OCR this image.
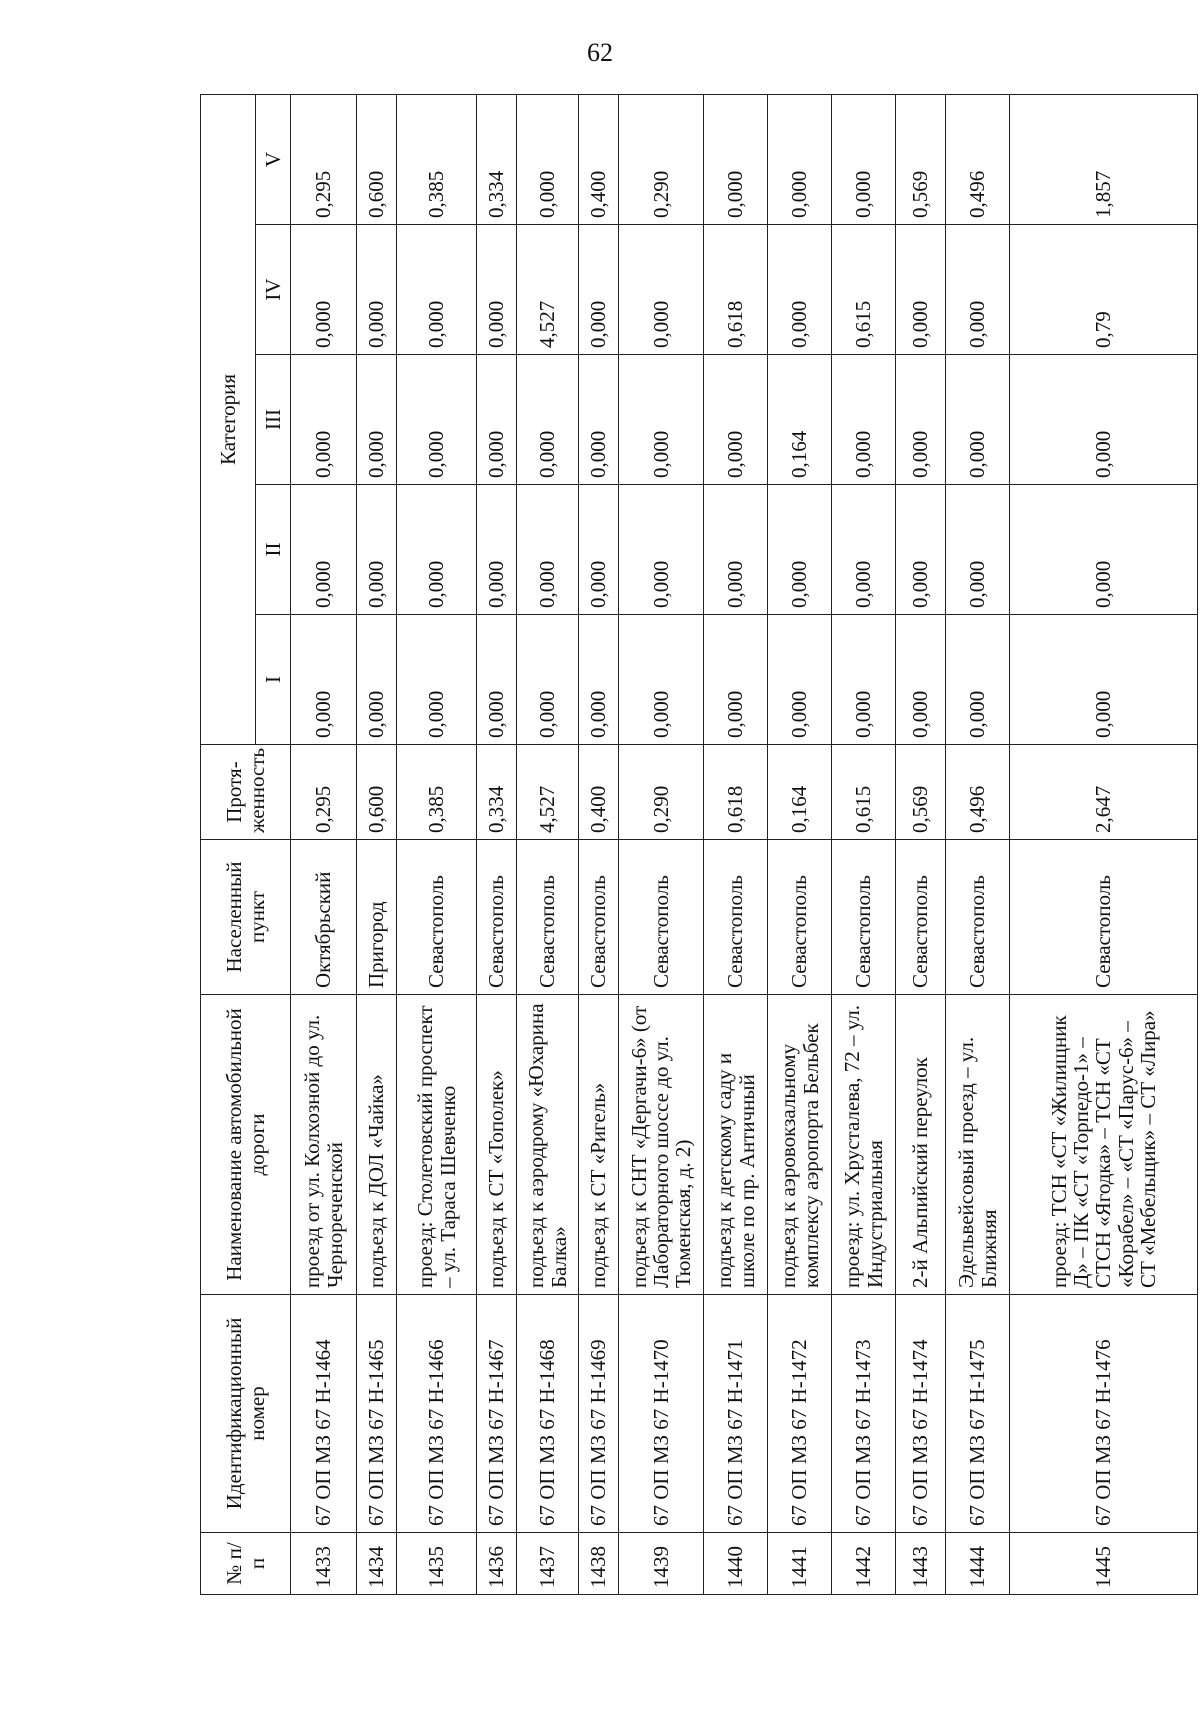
62
№ п/п	Идентификационный номер	Наименование автомобильной дороги	Населенный пункт	Протя-женность	Категория				
					I	II	III	IV	V
1433	67 ОП МЗ 67 Н-1464	проезд от ул. Колхозной до ул. Чернореченской	Октябрьский	0,295	0,000	0,000	0,000	0,000	0,295
1434	67 ОП МЗ 67 Н-1465	подъезд к ДОЛ «Чайка»	Пригород	0,600	0,000	0,000	0,000	0,000	0,600
1435	67 ОП МЗ 67 Н-1466	проезд: Столетовский проспект – ул. Тараса Шевченко	Севастополь	0,385	0,000	0,000	0,000	0,000	0,385
1436	67 ОП МЗ 67 Н-1467	подъезд к СТ «Тополек»	Севастополь	0,334	0,000	0,000	0,000	0,000	0,334
1437	67 ОП МЗ 67 Н-1468	подъезд к аэродрому «Юхарина Балка»	Севастополь	4,527	0,000	0,000	0,000	4,527	0,000
1438	67 ОП МЗ 67 Н-1469	подъезд к СТ «Ригель»	Севастополь	0,400	0,000	0,000	0,000	0,000	0,400
1439	67 ОП МЗ 67 Н-1470	подъезд к СНТ «Дергачи-6» (от Лабораторного шоссе до ул. Тюменская, д. 2)	Севастополь	0,290	0,000	0,000	0,000	0,000	0,290
1440	67 ОП МЗ 67 Н-1471	подъезд к детскому саду и школе по пр. Античный	Севастополь	0,618	0,000	0,000	0,000	0,618	0,000
1441	67 ОП МЗ 67 Н-1472	подъезд к аэровокзальному комплексу аэропорта Бельбек	Севастополь	0,164	0,000	0,000	0,164	0,000	0,000
1442	67 ОП МЗ 67 Н-1473	проезд: ул. Хрусталева, 72 – ул. Индустриальная	Севастополь	0,615	0,000	0,000	0,000	0,615	0,000
1443	67 ОП МЗ 67 Н-1474	2-й Альпийский переулок	Севастополь	0,569	0,000	0,000	0,000	0,000	0,569
1444	67 ОП МЗ 67 Н-1475	Эдельвейсовый проезд – ул. Ближняя	Севастополь	0,496	0,000	0,000	0,000	0,000	0,496
1445	67 ОП МЗ 67 Н-1476	проезд: ТСН «СТ «Жилищник Д» – ПК «СТ «Торпедо-1» – СТСН «Ягодка» – ТСН «СТ «Корабел» – «СТ «Парус-6» – СТ «Мебельщик» – СТ «Лира»	Севастополь	2,647	0,000	0,000	0,000	0,79	1,857
